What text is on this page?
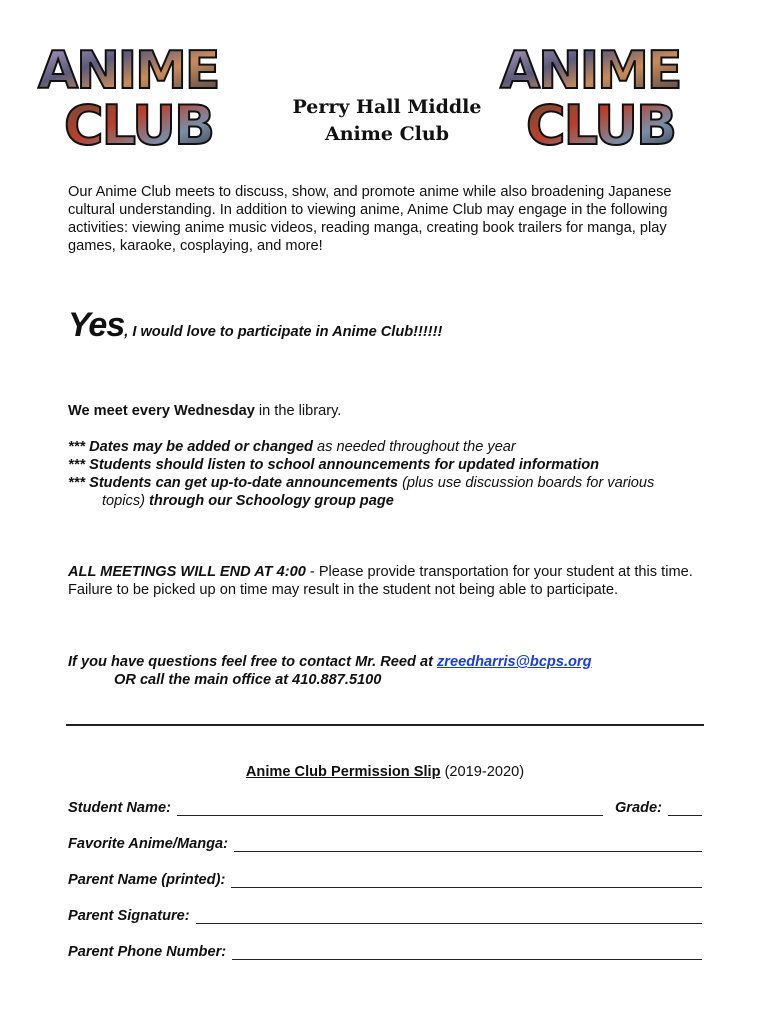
ANIME
CLUB
ANIME
CLUB
Perry Hall Middle
Anime Club
Our Anime Club meets to discuss, show, and promote anime while also broadening Japanese cultural understanding. In addition to viewing anime, Anime Club may engage in the following activities: viewing anime music videos, reading manga, creating book trailers for manga, play games, karaoke, cosplaying, and more!
Yes, I would love to participate in Anime Club!!!!!!
We meet every Wednesday in the library.
*** Dates may be added or changed as needed throughout the year
*** Students should listen to school announcements for updated information
*** Students can get up-to-date announcements (plus use discussion boards for various
topics) through our Schoology group page
ALL MEETINGS WILL END AT 4:00 - Please provide transportation for your student at this time. Failure to be picked up on time may result in the student not being able to participate.
If you have questions feel free to contact Mr. Reed at zreedharris@bcps.org
OR call the main office at 410.887.5100
Anime Club Permission Slip (2019-2020)
Student Name:	Grade:
Favorite Anime/Manga:
Parent Name (printed):
Parent Signature:
Parent Phone Number:
